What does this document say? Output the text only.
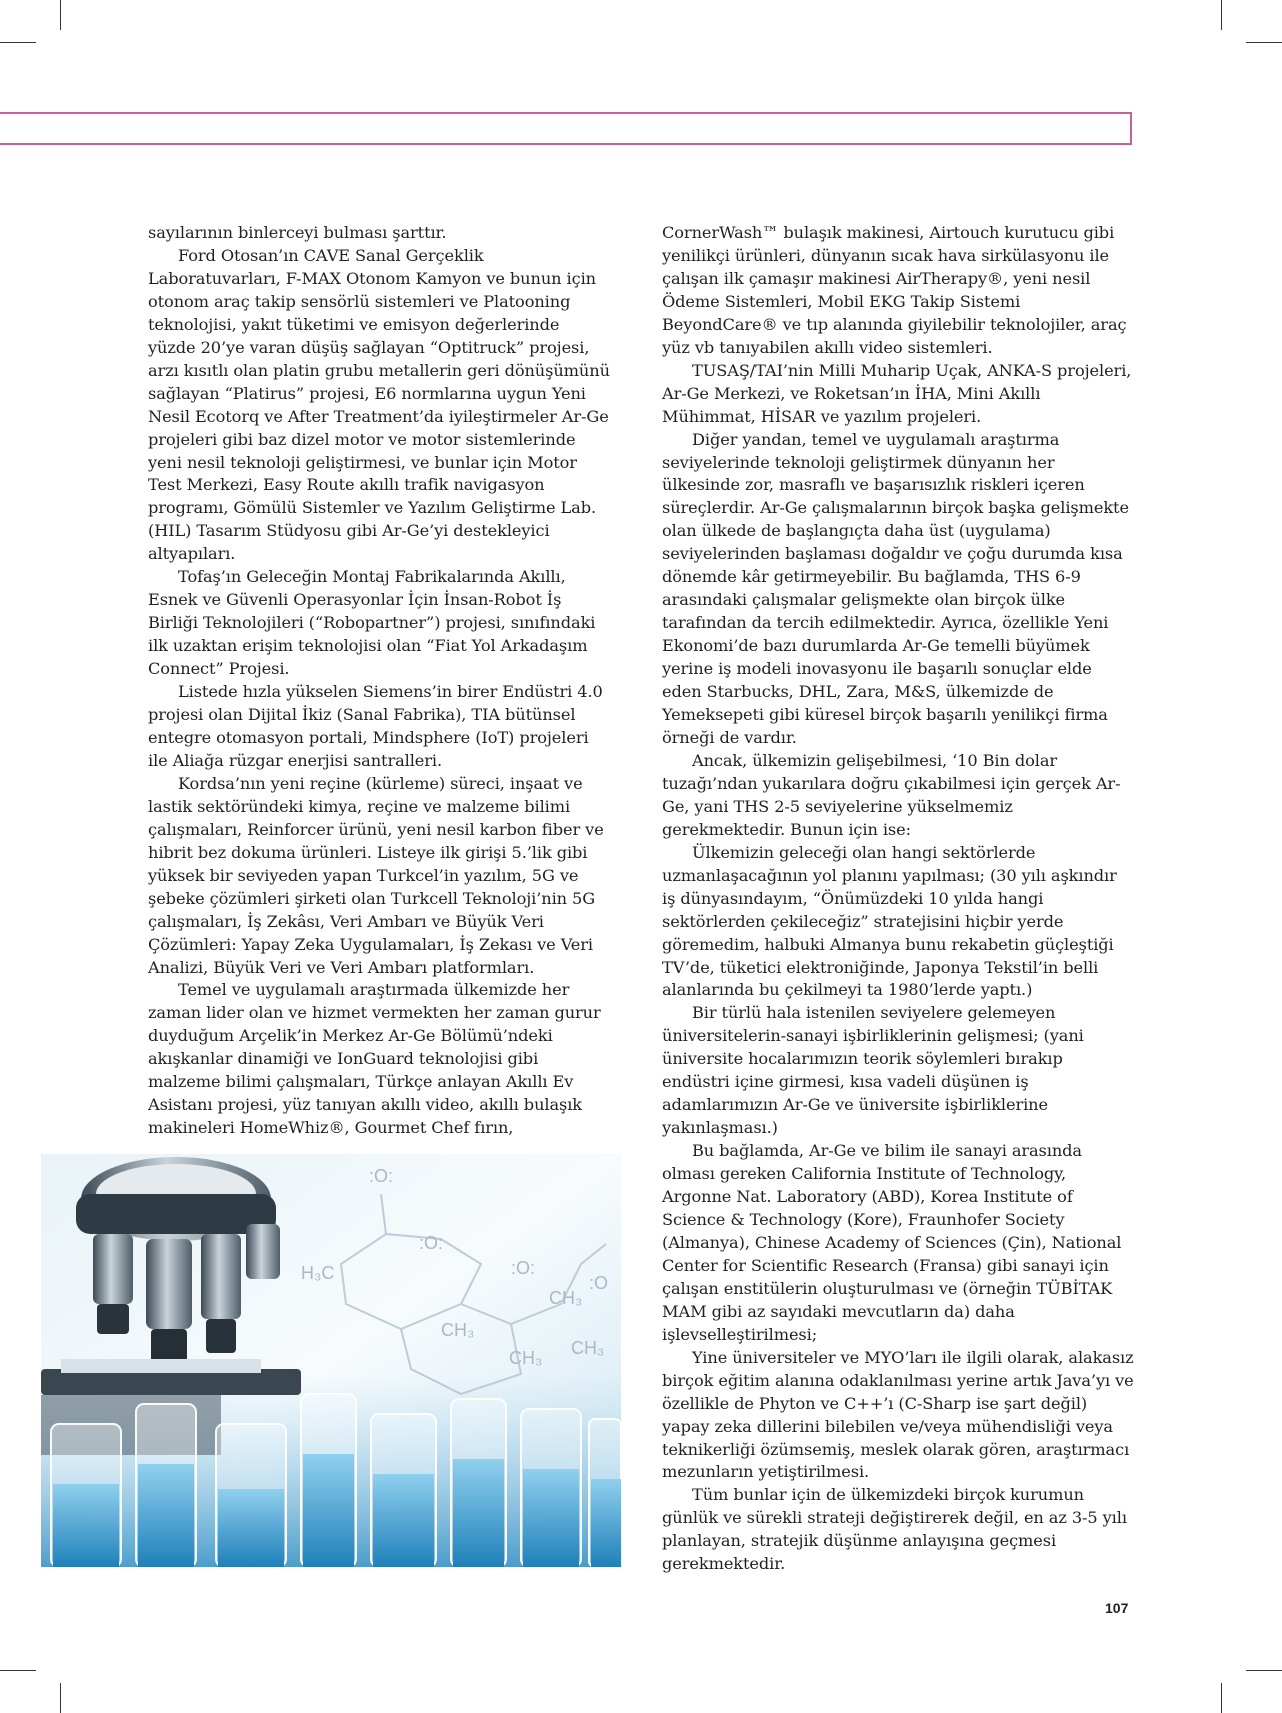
sayılarının binlerceyi bulması şarttır.

Ford Otosan’ın CAVE Sanal Gerçeklik Laboratuvarları, F-MAX Otonom Kamyon ve bunun için otonom araç takip sensörlü sistemleri ve Platooning teknolojisi, yakıt tüketimi ve emisyon değerlerinde yüzde 20’ye varan düşüş sağlayan “Optitruck” projesi, arzı kısıtlı olan platin grubu metallerin geri dönüşümünü sağlayan “Platirus” projesi, E6 normlarına uygun Yeni Nesil Ecotorq ve After Treatment’da iyileştirmeler Ar-Ge projeleri gibi baz dizel motor ve motor sistemlerinde yeni nesil teknoloji geliştirmesi, ve bunlar için Motor Test Merkezi, Easy Route akıllı trafik navigasyon programı, Gömülü Sistemler ve Yazılım Geliştirme Lab. (HIL) Tasarım Stüdyosu gibi Ar-Ge’yi destekleyici altyapıları.

Tofaş’ın Geleceğin Montaj Fabrikalarında Akıllı, Esnek ve Güvenli Operasyonlar İçin İnsan-Robot İş Birliği Teknolojileri (“Robopartner”) projesi, sınıfındaki ilk uzaktan erişim teknolojisi olan “Fiat Yol Arkadaşım Connect” Projesi.

Listede hızla yükselen Siemens’in birer Endüstri 4.0 projesi olan Dijital İkiz (Sanal Fabrika), TIA bütünsel entegre otomasyon portali, Mindsphere (IoT) projeleri ile Aliağa rüzgar enerjisi santralleri.

Kordsa’nın yeni reçine (kürleme) süreci, inşaat ve lastik sektöründeki kimya, reçine ve malzeme bilimi çalışmaları, Reinforcer ürünü, yeni nesil karbon fiber ve hibrit bez dokuma ürünleri. Listeye ilk girişi 5.’lik gibi yüksek bir seviyeden yapan Turkcel’in yazılım, 5G ve şebeke çözümleri şirketi olan Turkcell Teknoloji’nin 5G çalışmaları, İş Zekâsı, Veri Ambarı ve Büyük Veri Çözümleri: Yapay Zeka Uygulamaları, İş Zekası ve Veri Analizi, Büyük Veri ve Veri Ambarı platformları.

Temel ve uygulamalı araştırmada ülkemizde her zaman lider olan ve hizmet vermekten her zaman gurur duyduğum Arçelik’in Merkez Ar-Ge Bölümü’ndeki akışkanlar dinamiği ve IonGuard teknolojisi gibi malzeme bilimi çalışmaları, Türkçe anlayan Akıllı Ev Asistanı projesi, yüz tanıyan akıllı video, akıllı bulaşık makineleri HomeWhiz®, Gourmet Chef fırın,

CornerWash™ bulaşık makinesi, Airtouch kurutucu gibi yenilikçi ürünleri, dünyanın sıcak hava sirkülasyonu ile çalışan ilk çamaşır makinesi AirTherapy®, yeni nesil Ödeme Sistemleri, Mobil EKG Takip Sistemi BeyondCare® ve tıp alanında giyilebilir teknolojiler, araç yüz vb tanıyabilen akıllı video sistemleri.

TUSAŞ/TAI’nin Milli Muharip Uçak, ANKA-S projeleri, Ar-Ge Merkezi, ve Roketsan’ın İHA, Mini Akıllı Mühimmat, HİSAR ve yazılım projeleri.

Diğer yandan, temel ve uygulamalı araştırma seviyelerinde teknoloji geliştirmek dünyanın her ülkesinde zor, masraflı ve başarısızlık riskleri içeren süreçlerdir. Ar-Ge çalışmalarının birçok başka gelişmekte olan ülkede de başlangıçta daha üst (uygulama) seviyelerinden başlaması doğaldır ve çoğu durumda kısa dönemde kâr getirmeyebilir. Bu bağlamda, THS 6-9 arasındaki çalışmalar gelişmekte olan birçok ülke tarafından da tercih edilmektedir. Ayrıca, özellikle Yeni Ekonomi’de bazı durumlarda Ar-Ge temelli büyümek yerine iş modeli inovasyonu ile başarılı sonuçlar elde eden Starbucks, DHL, Zara, M&S, ülkemizde de Yemeksepeti gibi küresel birçok başarılı yenilikçi firma örneği de vardır.

Ancak, ülkemizin gelişebilmesi, ‘10 Bin dolar tuzağı’ndan yukarılara doğru çıkabilmesi için gerçek Ar-Ge, yani THS 2-5 seviyelerine yükselmemiz gerekmektedir. Bunun için ise:

Ülkemizin geleceği olan hangi sektörlerde uzmanlaşacağının yol planını yapılması; (30 yılı aşkındır iş dünyasındayım, “Önümüzdeki 10 yılda hangi sektörlerden çekileceğiz” stratejisini hiçbir yerde göremedim, halbuki Almanya bunu rekabetin güçleştiği TV’de, tüketici elektroniğinde, Japonya Tekstil’in belli alanlarında bu çekilmeyi ta 1980’lerde yaptı.)

Bir türlü hala istenilen seviyelere gelemeyen üniversitelerin-sanayi işbirliklerinin gelişmesi; (yani üniversite hocalarımızın teorik söylemleri bırakıp endüstri içine girmesi, kısa vadeli düşünen iş adamlarımızın Ar-Ge ve üniversite işbirliklerine yakınlaşması.)

Bu bağlamda, Ar-Ge ve bilim ile sanayi arasında olması gereken California Institute of Technology, Argonne Nat. Laboratory (ABD), Korea Institute of Science & Technology (Kore), Fraunhofer Society (Almanya), Chinese Academy of Sciences (Çin), National Center for Scientific Research (Fransa) gibi sanayi için çalışan enstitülerin oluşturulması ve (örneğin TÜBİTAK MAM gibi az sayıdaki mevcutların da) daha işlevselleştirilmesi;

Yine üniversiteler ve MYO’ları ile ilgili olarak, alakasız birçok eğitim alanına odaklanılması yerine artık Java’yı ve özellikle de Phyton ve C++’ı (C-Sharp ise şart değil) yapay zeka dillerini bilebilen ve/veya mühendisliği veya teknikerliği özümsemiş, meslek olarak gören, araştırmacı mezunların yetiştirilmesi.

Tüm bunlar için de ülkemizdeki birçok kurumun günlük ve sürekli strateji değiştirerek değil, en az 3-5 yılı planlayan, stratejik düşünme anlayışına geçmesi gerekmektedir.

:O:
H₃C
:O:
CH₃
CH₃
:O:
:O
CH₃ CH₃
107
